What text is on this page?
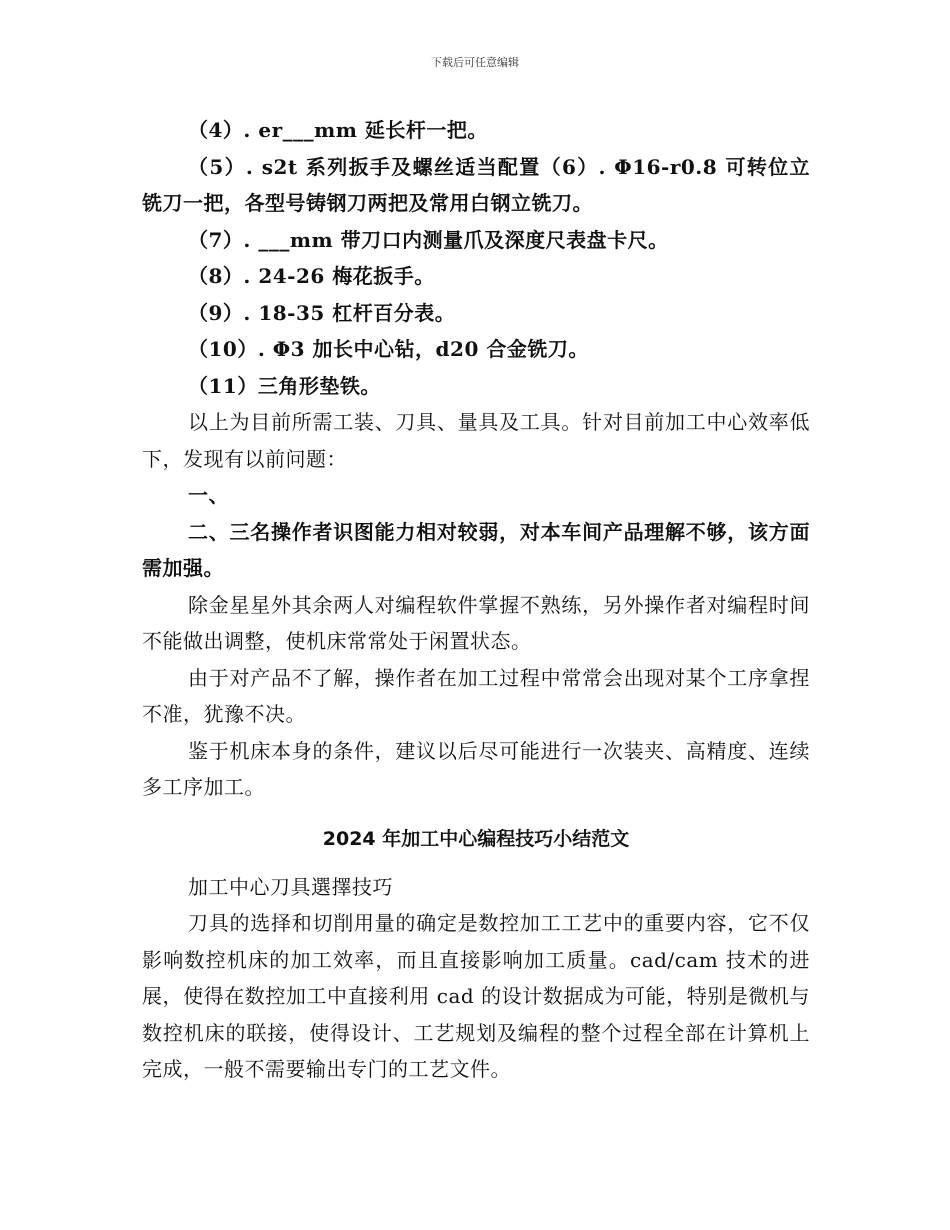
下载后可任意编辑

（4）. er___mm 延长杆一把。

（5）. s2t 系列扳手及螺丝适当配置（6）. Φ16-r0.8 可转位立铣刀一把，各型号铸钢刀两把及常用白钢立铣刀。

（7）. ___mm 带刀口内测量爪及深度尺表盘卡尺。

（8）. 24-26 梅花扳手。

（9）. 18-35 杠杆百分表。

（10）. Φ3 加长中心钻，d20 合金铣刀。

（11）三角形垫铁。

以上为目前所需工装、刀具、量具及工具。针对目前加工中心效率低下，发现有以前问题：

一、

二、三名操作者识图能力相对较弱，对本车间产品理解不够，该方面需加强。

除金星星外其余两人对编程软件掌握不熟练，另外操作者对编程时间不能做出调整，使机床常常处于闲置状态。

由于对产品不了解，操作者在加工过程中常常会出现对某个工序拿捏不准，犹豫不决。

鉴于机床本身的条件，建议以后尽可能进行一次装夹、高精度、连续多工序加工。

2024 年加工中心编程技巧小结范文

加工中心刀具選擇技巧

刀具的选择和切削用量的确定是数控加工工艺中的重要内容，它不仅影响数控机床的加工效率，而且直接影响加工质量。cad/cam 技术的进展，使得在数控加工中直接利用 cad 的设计数据成为可能，特别是微机与数控机床的联接，使得设计、工艺规划及编程的整个过程全部在计算机上完成，一般不需要输出专门的工艺文件。
